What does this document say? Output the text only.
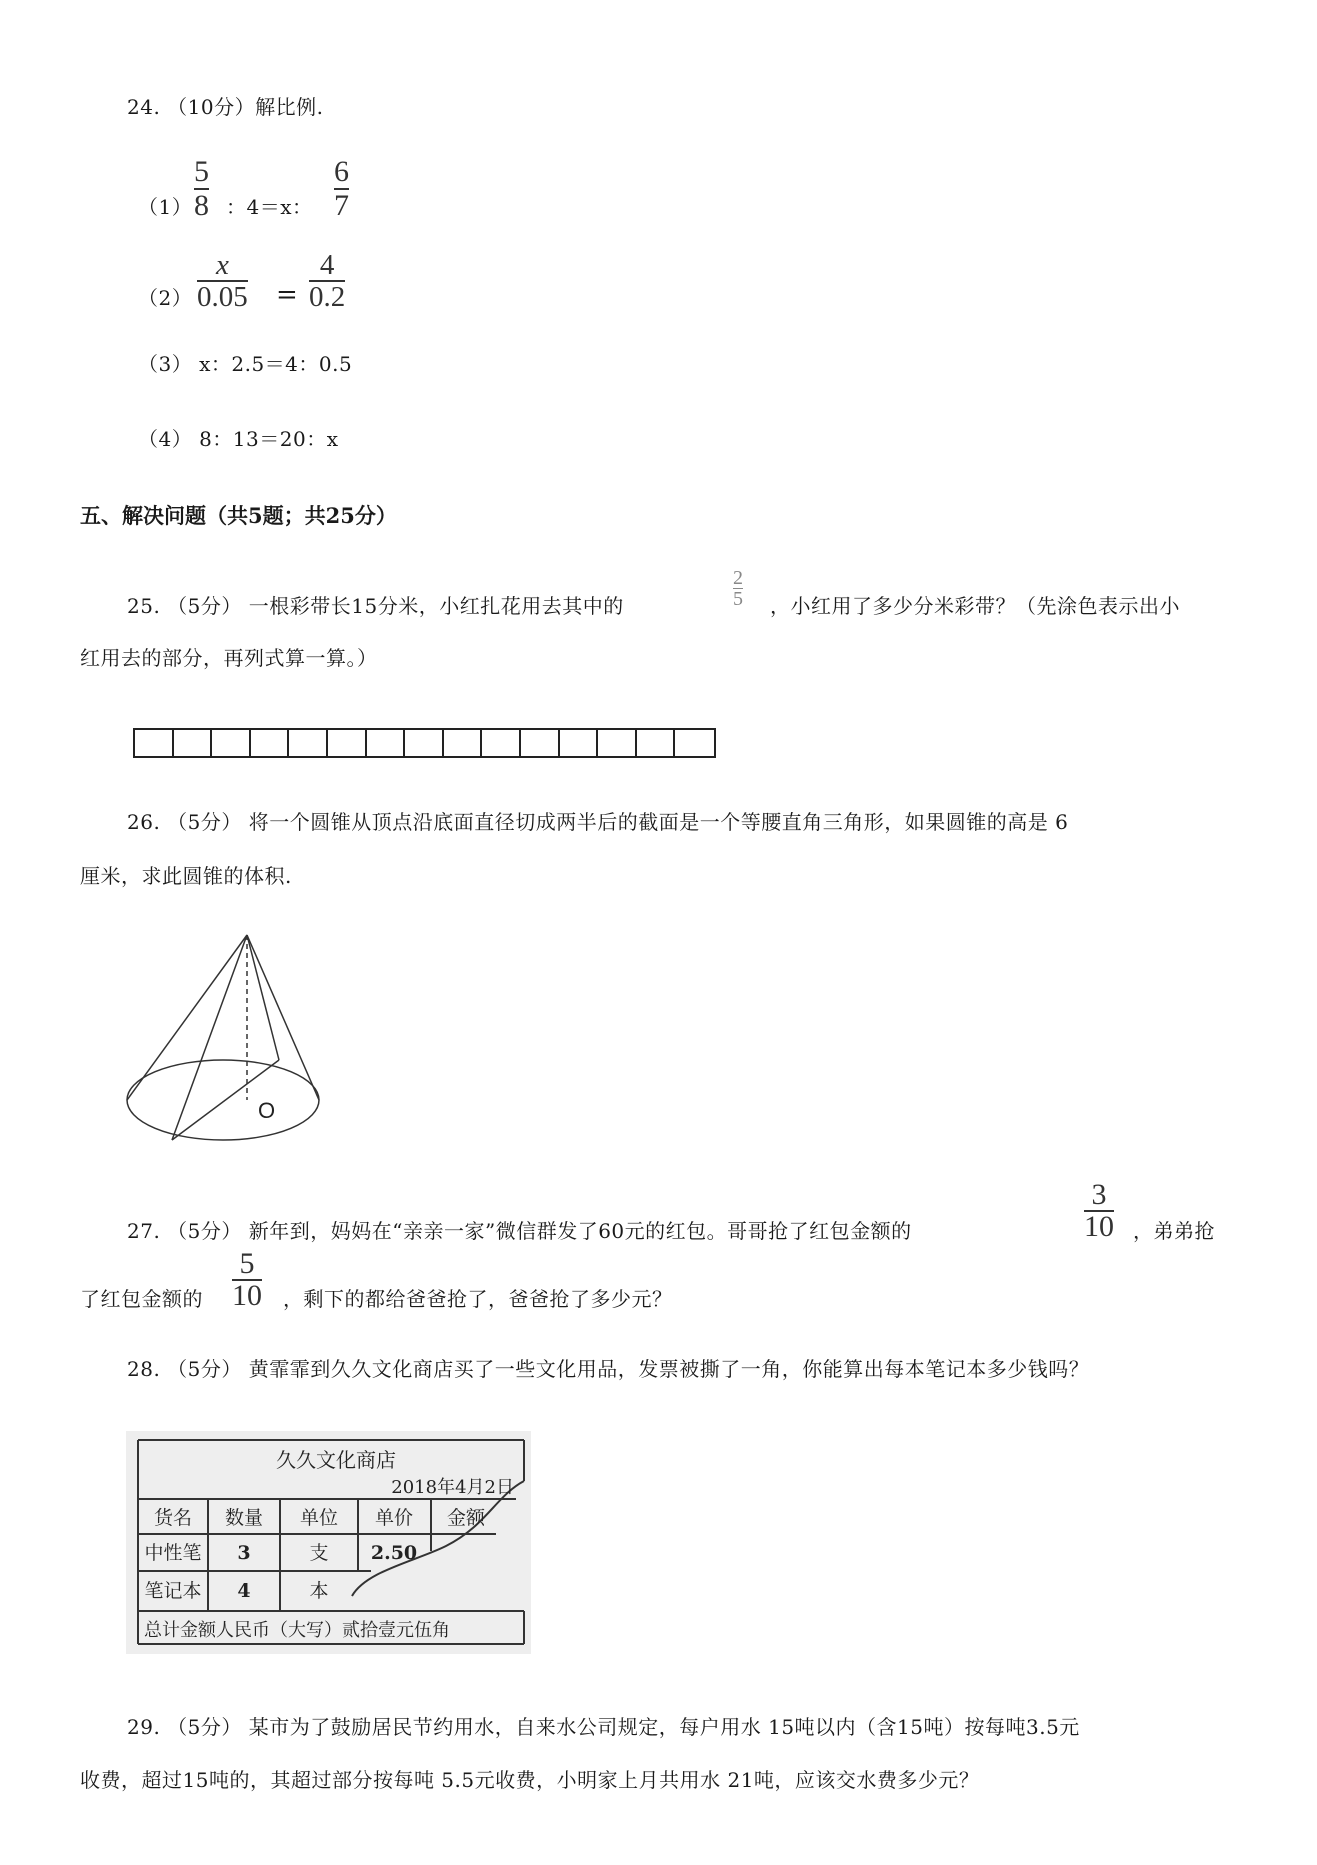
24. （10分）解比例.
（1）
5
8 ：4＝x：
6
7
（2）
x
0.05 =
4
0.2
（3） x：2.5＝4：0.5
（4） 8：13＝20：x
五、解决问题（共5题；共25分）
25. （5分） 一根彩带长15分米，小红扎花用去其中的
2
5 ，小红用了多少分米彩带？（先涂色表示出小
红用去的部分，再列式算一算。）
26. （5分） 将一个圆锥从顶点沿底面直径切成两半后的截面是一个等腰直角三角形，如果圆锥的高是 6
厘米，求此圆锥的体积.
O
27. （5分） 新年到，妈妈在“亲亲一家”微信群发了60元的红包。哥哥抢了红包金额的
3
10 ，弟弟抢
了红包金额的
5
10 ，剩下的都给爸爸抢了，爸爸抢了多少元？
28. （5分） 黄霏霏到久久文化商店买了一些文化用品，发票被撕了一角，你能算出每本笔记本多少钱吗？
久久文化商店
2018年4月2日
货名 数量 单位 单价 金额
中性笔 3	支 2.50
笔记本 4	本
总计金额人民币（大写）贰拾壹元伍角
29. （5分） 某市为了鼓励居民节约用水，自来水公司规定，每户用水 15吨以内（含15吨）按每吨3.5元
收费，超过15吨的，其超过部分按每吨 5.5元收费，小明家上月共用水 21吨，应该交水费多少元？
